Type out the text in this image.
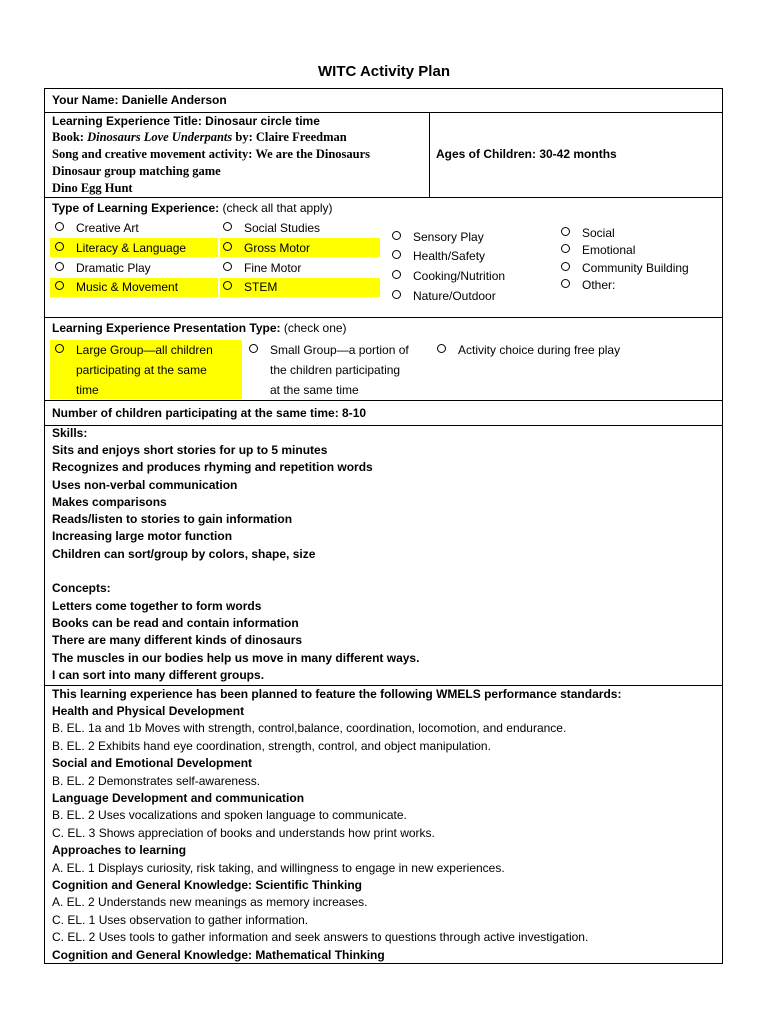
WITC Activity Plan
Your Name: Danielle Anderson
Learning Experience Title: Dinosaur circle time
Book: Dinosaurs Love Underpants by: Claire Freedman
Song and creative movement activity: We are the Dinosaurs
Dinosaur group matching game
Dino Egg Hunt
Ages of Children: 30-42 months
Type of Learning Experience: (check all that apply)
Creative Art
Literacy & Language
Dramatic Play
Music & Movement
Social Studies
Gross Motor
Fine Motor
STEM
Sensory Play
Health/Safety
Cooking/Nutrition
Nature/Outdoor
Social
Emotional
Community Building
Other:
Learning Experience Presentation Type: (check one)
Large Group—all children
participating at the same
time
Small Group—a portion of
the children participating
at the same time
Activity choice during free play
Number of children participating at the same time: 8-10
Skills:
Sits and enjoys short stories for up to 5 minutes
Recognizes and produces rhyming and repetition words
Uses non-verbal communication
Makes comparisons
Reads/listen to stories to gain information
Increasing large motor function
Children can sort/group by colors, shape, size
Concepts:
Letters come together to form words
Books can be read and contain information
There are many different kinds of dinosaurs
The muscles in our bodies help us move in many different ways.
I can sort into many different groups.
This learning experience has been planned to feature the following WMELS performance standards:
Health and Physical Development
B. EL. 1a and 1b Moves with strength, control,balance, coordination, locomotion, and endurance.
B. EL. 2 Exhibits hand eye coordination, strength, control, and object manipulation.
Social and Emotional Development
B. EL. 2 Demonstrates self-awareness.
Language Development and communication
B. EL. 2 Uses vocalizations and spoken language to communicate.
C. EL. 3 Shows appreciation of books and understands how print works.
Approaches to learning
A. EL. 1 Displays curiosity, risk taking, and willingness to engage in new experiences.
Cognition and General Knowledge: Scientific Thinking
A. EL. 2 Understands new meanings as memory increases.
C. EL. 1 Uses observation to gather information.
C. EL. 2 Uses tools to gather information and seek answers to questions through active investigation.
Cognition and General Knowledge: Mathematical Thinking
